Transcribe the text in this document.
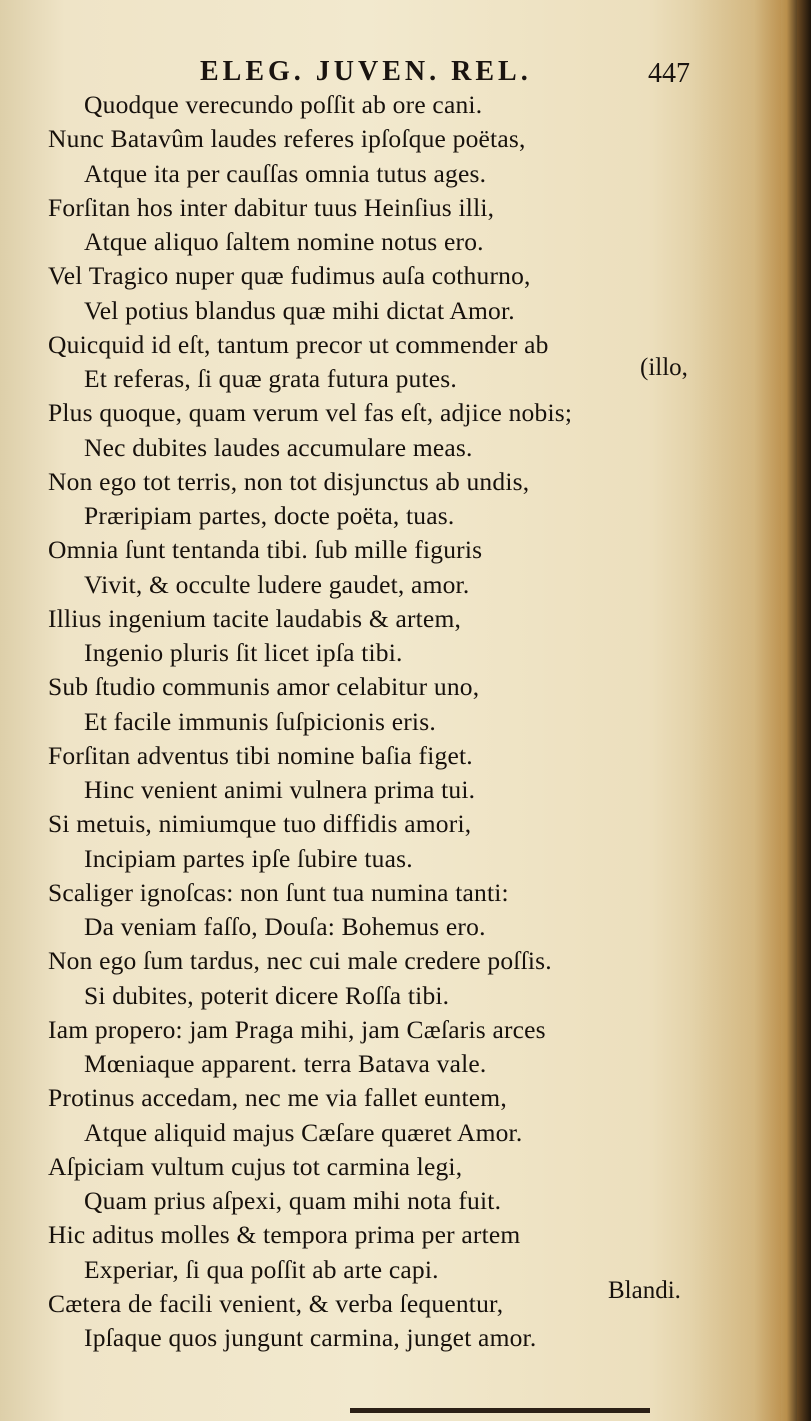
ELEG. JUVEN. REL.	447
Quodque verecundo poſſit ab ore cani.
Nunc Batavûm laudes referes ipſoſque poëtas,
Atque ita per cauſſas omnia tutus ages.
Forſitan hos inter dabitur tuus Heinſius illi,
Atque aliquo ſaltem nomine notus ero.
Vel Tragico nuper quæ fudimus auſa cothurno,
Vel potius blandus quæ mihi dictat Amor.
Quicquid id eſt, tantum precor ut commender ab
Et referas, ſi quæ grata futura putes.
Plus quoque, quam verum vel fas eſt, adjice nobis;
Nec dubites laudes accumulare meas.
Non ego tot terris, non tot disjunctus ab undis,
Præripiam partes, docte poëta, tuas.
Omnia ſunt tentanda tibi. ſub mille figuris
Vivit, & occulte ludere gaudet, amor.
Illius ingenium tacite laudabis & artem,
Ingenio pluris ſit licet ipſa tibi.
Sub ſtudio communis amor celabitur uno,
Et facile immunis ſuſpicionis eris.
Forſitan adventus tibi nomine baſia figet.
Hinc venient animi vulnera prima tui.
Si metuis, nimiumque tuo diffidis amori,
Incipiam partes ipſe ſubire tuas.
Scaliger ignoſcas: non ſunt tua numina tanti:
Da veniam faſſo, Douſa: Bohemus ero.
Non ego ſum tardus, nec cui male credere poſſis.
Si dubites, poterit dicere Roſſa tibi.
Iam propero: jam Praga mihi, jam Cæſaris arces
Mœniaque apparent. terra Batava vale.
Protinus accedam, nec me via fallet euntem,
Atque aliquid majus Cæſare quæret Amor.
Aſpiciam vultum cujus tot carmina legi,
Quam prius aſpexi, quam mihi nota fuit.
Hic aditus molles & tempora prima per artem
Experiar, ſi qua poſſit ab arte capi.
Cætera de facili venient, & verba ſequentur,
Ipſaque quos jungunt carmina, junget amor.
(illo,
Blandi.
